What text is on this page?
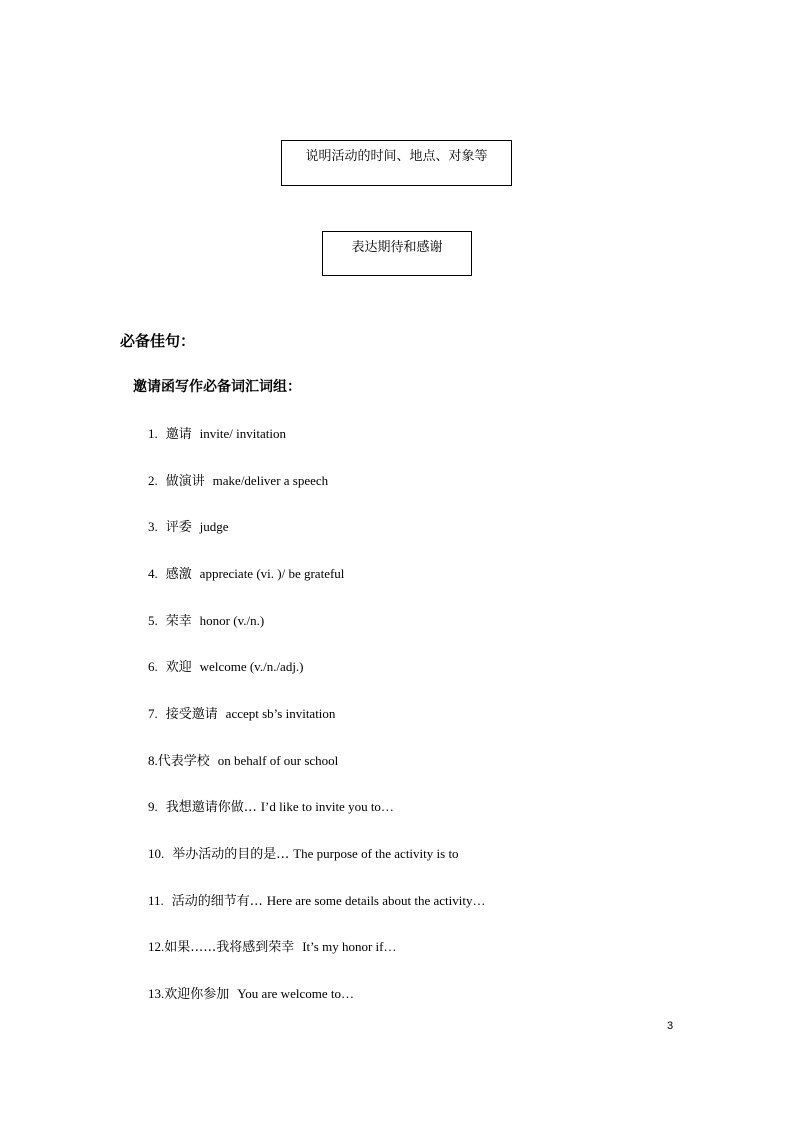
说明活动的时间、地点、对象等
表达期待和感谢
必备佳句：
邀请函写作必备词汇词组：
1. 邀请 invite/ invitation
2. 做演讲 make/deliver a speech
3. 评委 judge
4. 感激 appreciate (vi. )/ be grateful
5. 荣幸 honor (v./n.)
6. 欢迎 welcome (v./n./adj.)
7. 接受邀请 accept sb’s invitation
8.代表学校 on behalf of our school
9. 我想邀请你做… I’d like to invite you to…
10. 举办活动的目的是… The purpose of the activity is to
11. 活动的细节有… Here are some details about the activity…
12.如果……我将感到荣幸 It’s my honor if…
13.欢迎你参加 You are welcome to…
3
